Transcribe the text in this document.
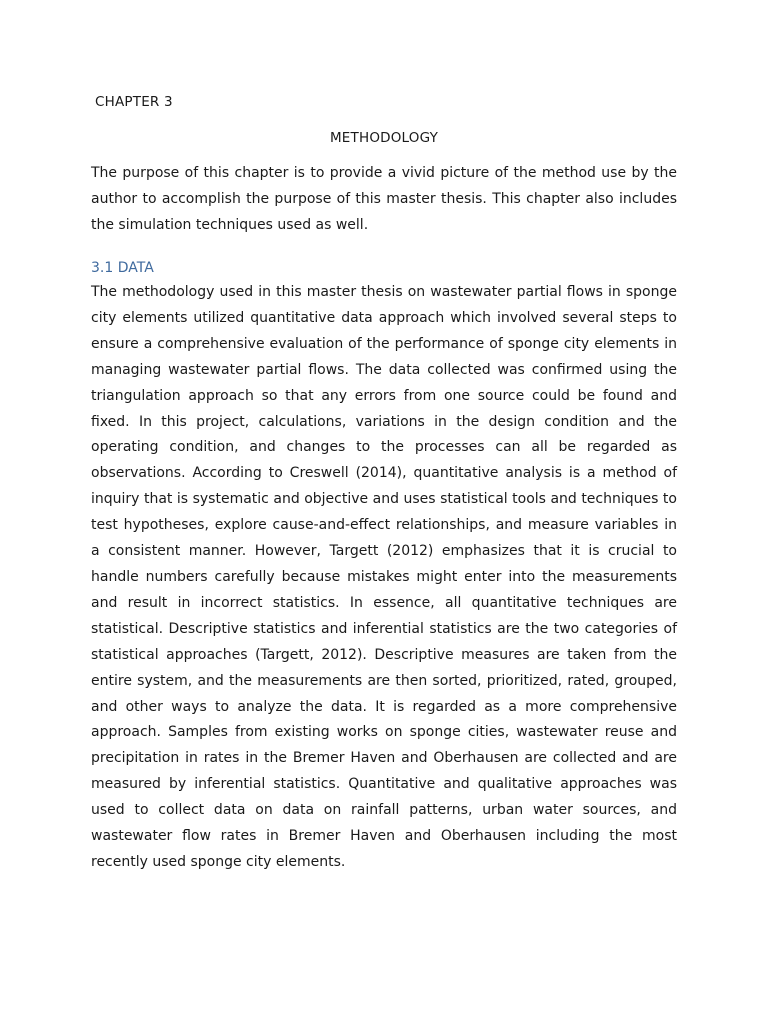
CHAPTER 3
METHODOLOGY

The purpose of this chapter is to provide a vivid picture of the method use by the author to accomplish the purpose of this master thesis. This chapter also includes the simulation techniques used as well.

3.1 DATA

The methodology used in this master thesis on wastewater partial flows in sponge city elements utilized quantitative data approach which involved several steps to ensure a comprehensive evaluation of the performance of sponge city elements in managing wastewater partial flows. The data collected was confirmed using the triangulation approach so that any errors from one source could be found and fixed. In this project, calculations, variations in the design condition and the operating condition, and changes to the processes can all be regarded as observations. According to Creswell (2014), quantitative analysis is a method of inquiry that is systematic and objective and uses statistical tools and techniques to test hypotheses, explore cause-and-effect relationships, and measure variables in a consistent manner. However, Targett (2012) emphasizes that it is crucial to handle numbers carefully because mistakes might enter into the measurements and result in incorrect statistics. In essence, all quantitative techniques are statistical. Descriptive statistics and inferential statistics are the two categories of statistical approaches (Targett, 2012). Descriptive measures are taken from the entire system, and the measurements are then sorted, prioritized, rated, grouped, and other ways to analyze the data. It is regarded as a more comprehensive approach. Samples from existing works on sponge cities, wastewater reuse and precipitation in rates in the Bremer Haven and Oberhausen are collected and are measured by inferential statistics. Quantitative and qualitative approaches was used to collect data on data on rainfall patterns, urban water sources, and wastewater flow rates in Bremer Haven and Oberhausen including the most recently used sponge city elements.
